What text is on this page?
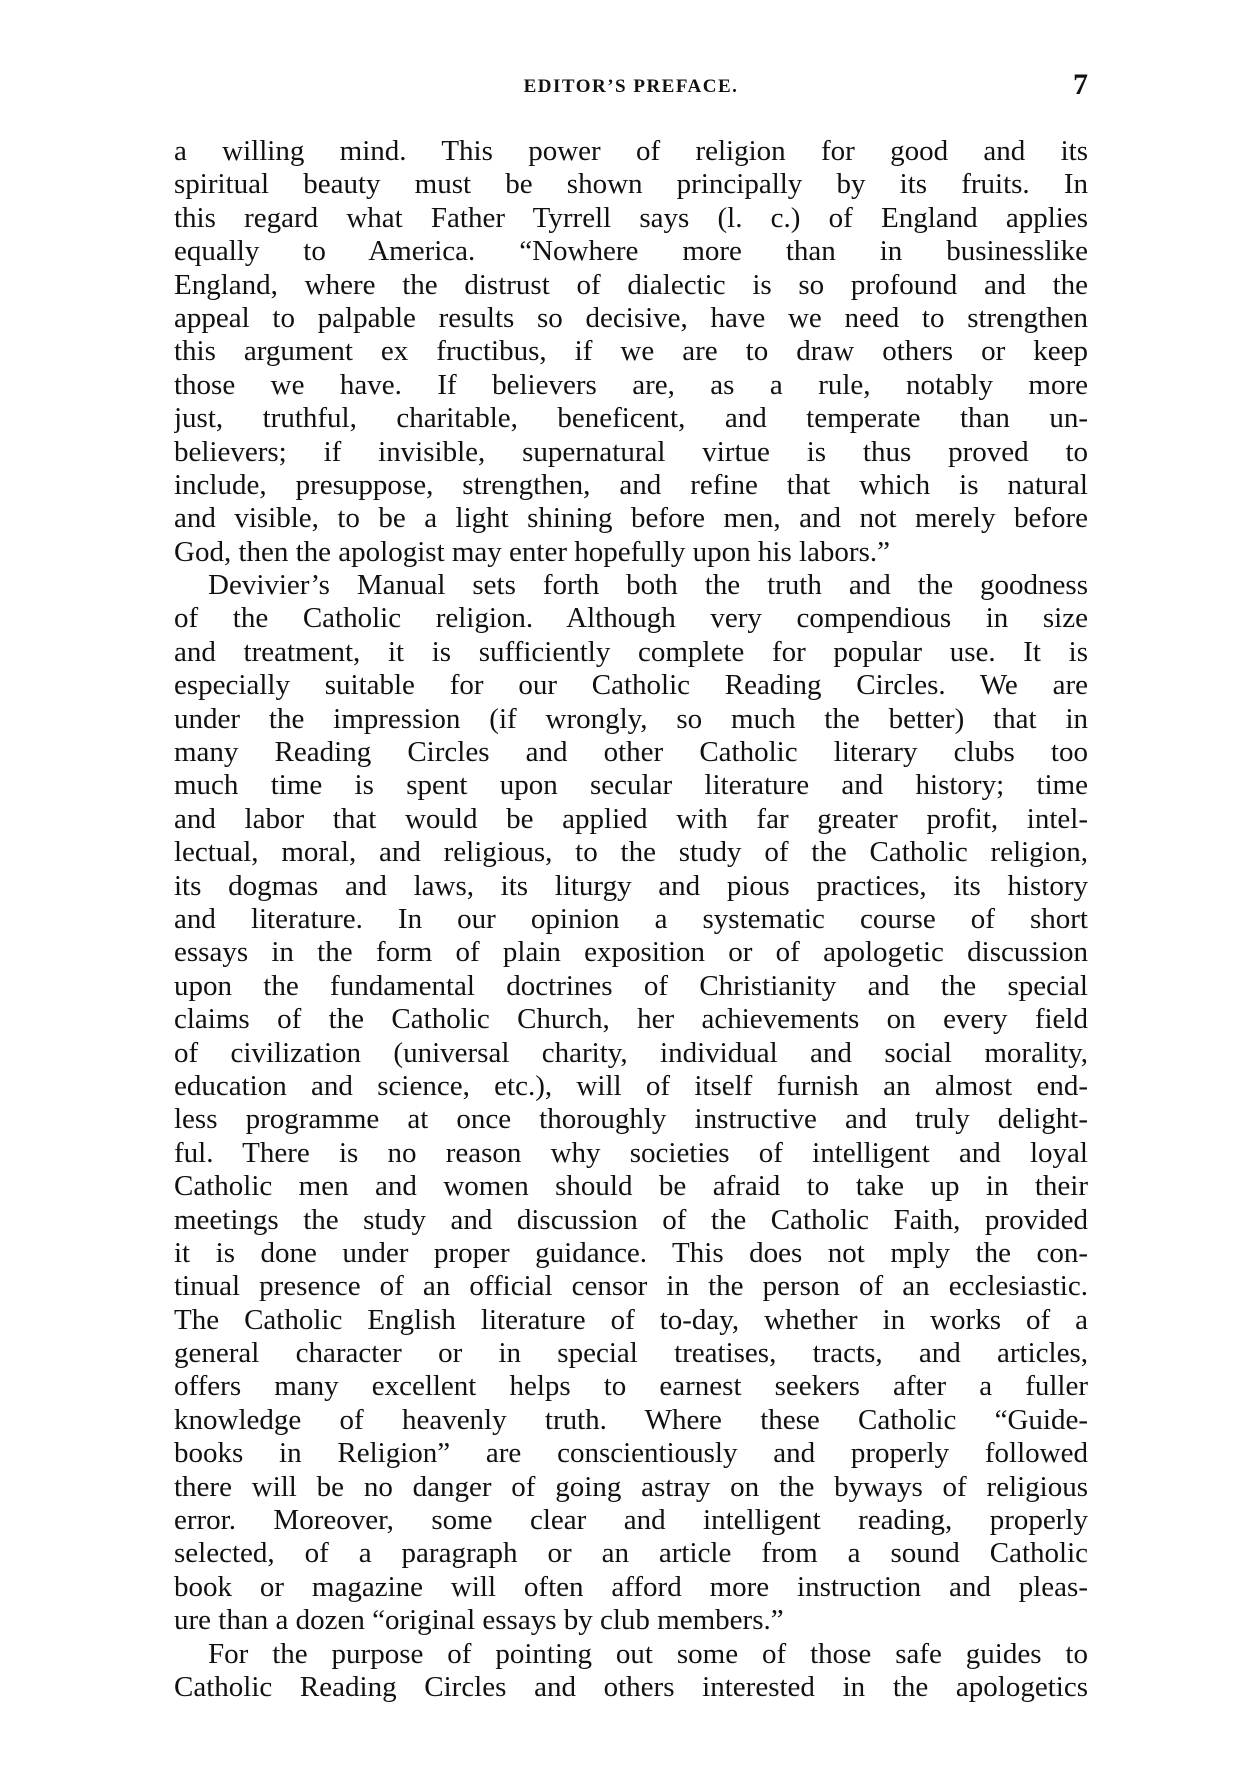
EDITOR’S PREFACE.	7
a willing mind. This power of religion for good and its
spiritual beauty must be shown principally by its fruits. In
this regard what Father Tyrrell says (l. c.) of England applies
equally to America. “Nowhere more than in businesslike
England, where the distrust of dialectic is so profound and the
appeal to palpable results so decisive, have we need to strengthen
this argument ex fructibus, if we are to draw others or keep
those we have. If believers are, as a rule, notably more
just, truthful, charitable, beneficent, and temperate than un-
believers; if invisible, supernatural virtue is thus proved to
include, presuppose, strengthen, and refine that which is natural
and visible, to be a light shining before men, and not merely before
God, then the apologist may enter hopefully upon his labors.”
Devivier’s Manual sets forth both the truth and the goodness
of the Catholic religion. Although very compendious in size
and treatment, it is sufficiently complete for popular use. It is
especially suitable for our Catholic Reading Circles. We are
under the impression (if wrongly, so much the better) that in
many Reading Circles and other Catholic literary clubs too
much time is spent upon secular literature and history; time
and labor that would be applied with far greater profit, intel-
lectual, moral, and religious, to the study of the Catholic religion,
its dogmas and laws, its liturgy and pious practices, its history
and literature. In our opinion a systematic course of short
essays in the form of plain exposition or of apologetic discussion
upon the fundamental doctrines of Christianity and the special
claims of the Catholic Church, her achievements on every field
of civilization (universal charity, individual and social morality,
education and science, etc.), will of itself furnish an almost end-
less programme at once thoroughly instructive and truly delight-
ful. There is no reason why societies of intelligent and loyal
Catholic men and women should be afraid to take up in their
meetings the study and discussion of the Catholic Faith, provided
it is done under proper guidance. This does not mply the con-
tinual presence of an official censor in the person of an ecclesiastic.
The Catholic English literature of to-day, whether in works of a
general character or in special treatises, tracts, and articles,
offers many excellent helps to earnest seekers after a fuller
knowledge of heavenly truth. Where these Catholic “Guide-
books in Religion” are conscientiously and properly followed
there will be no danger of going astray on the byways of religious
error. Moreover, some clear and intelligent reading, properly
selected, of a paragraph or an article from a sound Catholic
book or magazine will often afford more instruction and pleas-
ure than a dozen “original essays by club members.”
For the purpose of pointing out some of those safe guides to
Catholic Reading Circles and others interested in the apologetics
